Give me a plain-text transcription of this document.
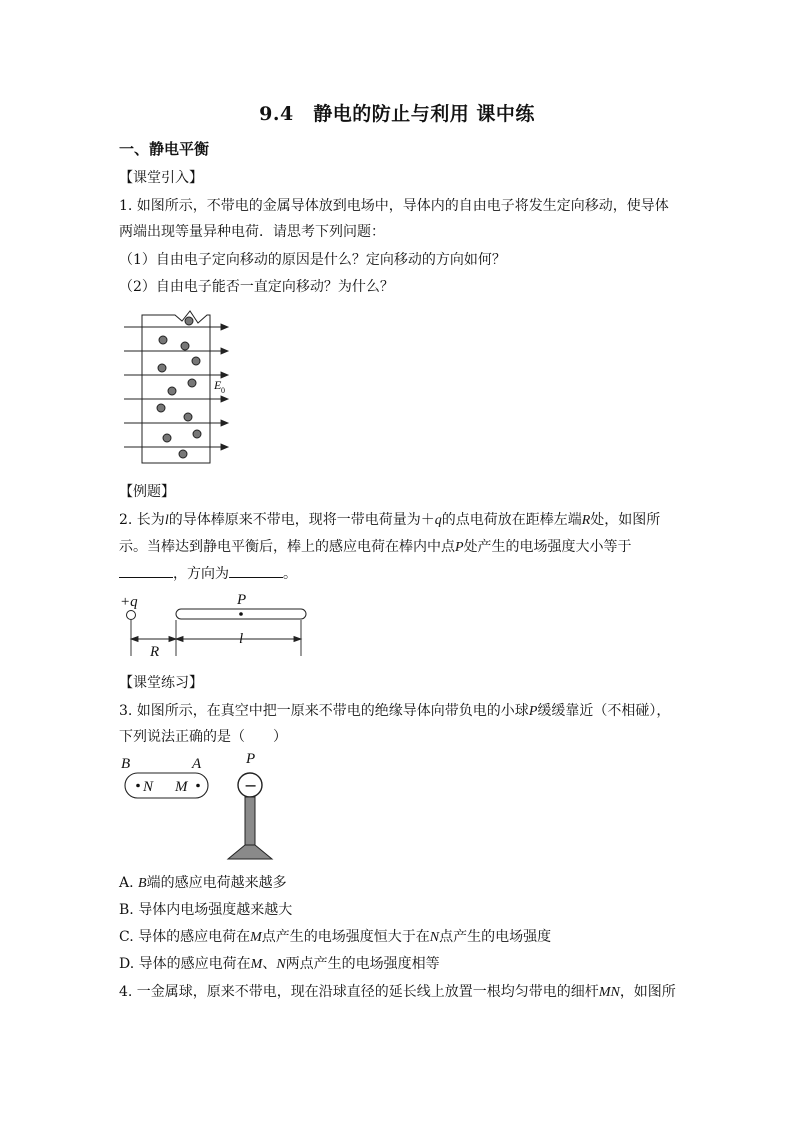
9.4　静电的防止与利用 课中练
一、静电平衡
【课堂引入】
1. 如图所示，不带电的金属导体放到电场中，导体内的自由电子将发生定向移动，使导体
两端出现等量异种电荷．请思考下列问题：
（1）自由电子定向移动的原因是什么？定向移动的方向如何？
（2）自由电子能否一直定向移动？为什么？
E 0
【例题】
2. 长为l的导体棒原来不带电，现将一带电荷量为＋q的点电荷放在距棒左端R处，如图所
示。当棒达到静电平衡后，棒上的感应电荷在棒内中点P处产生的电场强度大小等于
，方向为	。
+q	P
R
l
【课堂练习】
3. 如图所示，在真空中把一原来不带电的绝缘导体向带负电的小球P缓缓靠近（不相碰），
下列说法正确的是（　　）
B	A
N M
P
−
A. B端的感应电荷越来越多
B. 导体内电场强度越来越大
C. 导体的感应电荷在M点产生的电场强度恒大于在N点产生的电场强度
D. 导体的感应电荷在M、N两点产生的电场强度相等
4. 一金属球，原来不带电，现在沿球直径的延长线上放置一根均匀带电的细杆MN，如图所
